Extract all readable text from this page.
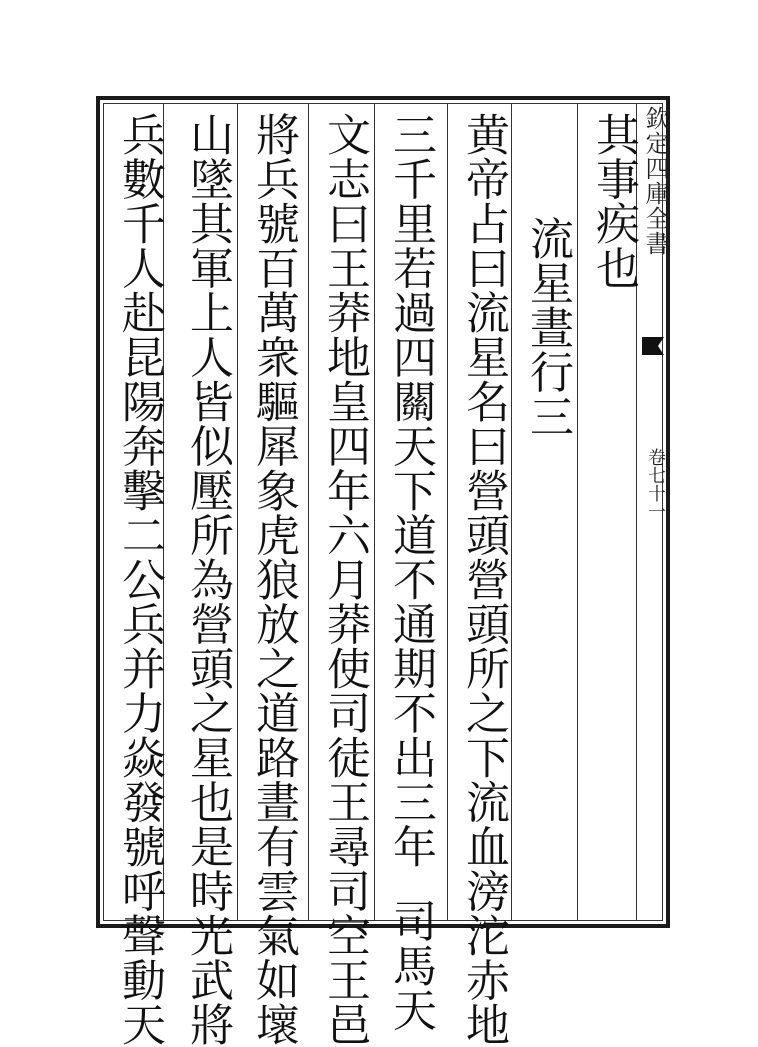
欽定四庫全書
卷七十一
其事疾也
流星晝行三
黄帝占曰流星名曰營頭營頭所之下流血滂沱赤地
三千里若過四關天下道不通期不出三年司馬天
文志曰王莽地皇四年六月莽使司徒王尋司空王邑
將兵號百萬衆驅犀象虎狼放之道路晝有雲氣如壞
山墜其軍上人皆似壓所為營頭之星也是時光武將
兵數千人赴昆陽奔擊二公兵并力焱發號呼聲動天
